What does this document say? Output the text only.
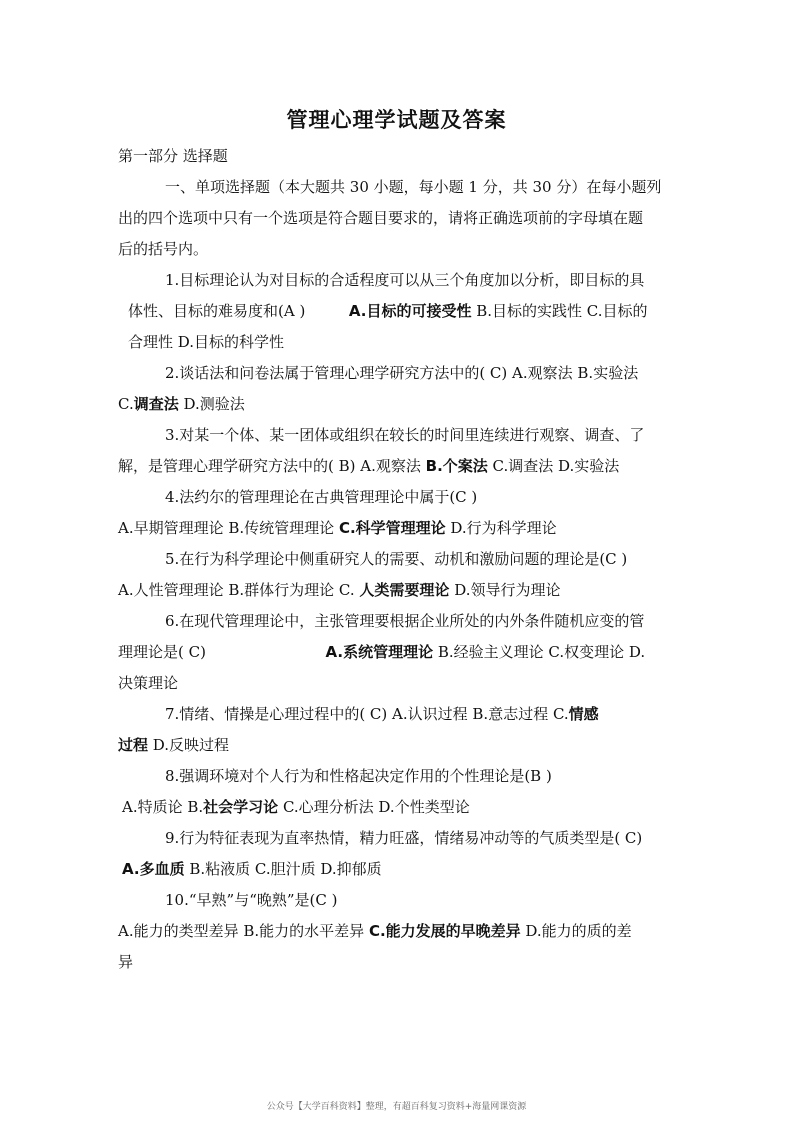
管理心理学试题及答案
第一部分 选择题
一、单项选择题（本大题共 30 小题，每小题 1 分，共 30 分）在每小题列
出的四个选项中只有一个选项是符合题目要求的，请将正确选项前的字母填在题
后的括号内。
1.目标理论认为对目标的合适程度可以从三个角度加以分析，即目标的具
体性、目标的难易度和(A )	A.目标的可接受性 B.目标的实践性 C.目标的
合理性 D.目标的科学性
2.谈话法和问卷法属于管理心理学研究方法中的( C) A.观察法 B.实验法
C.调查法 D.测验法
3.对某一个体、某一团体或组织在较长的时间里连续进行观察、调查、了
解，是管理心理学研究方法中的( B) A.观察法 B.个案法 C.调查法 D.实验法
4.法约尔的管理理论在古典管理理论中属于(C )
A.早期管理理论 B.传统管理理论 C.科学管理理论 D.行为科学理论
5.在行为科学理论中侧重研究人的需要、动机和激励问题的理论是(C )
A.人性管理理论 B.群体行为理论 C. 人类需要理论 D.领导行为理论
6.在现代管理理论中，主张管理要根据企业所处的内外条件随机应变的管
理理论是( C)	A.系统管理理论 B.经验主义理论 C.权变理论 D.
决策理论
7.情绪、情操是心理过程中的( C) A.认识过程 B.意志过程 C.情感
过程 D.反映过程
8.强调环境对个人行为和性格起决定作用的个性理论是(B )
A.特质论 B.社会学习论 C.心理分析法 D.个性类型论
9.行为特征表现为直率热情，精力旺盛，情绪易冲动等的气质类型是( C)
A.多血质 B.粘液质 C.胆汁质 D.抑郁质
10.“早熟”与“晚熟”是(C )
A.能力的类型差异 B.能力的水平差异 C.能力发展的早晚差异 D.能力的质的差
异
公众号【大学百科资料】整理，有超百科复习资料+海量网课资源
